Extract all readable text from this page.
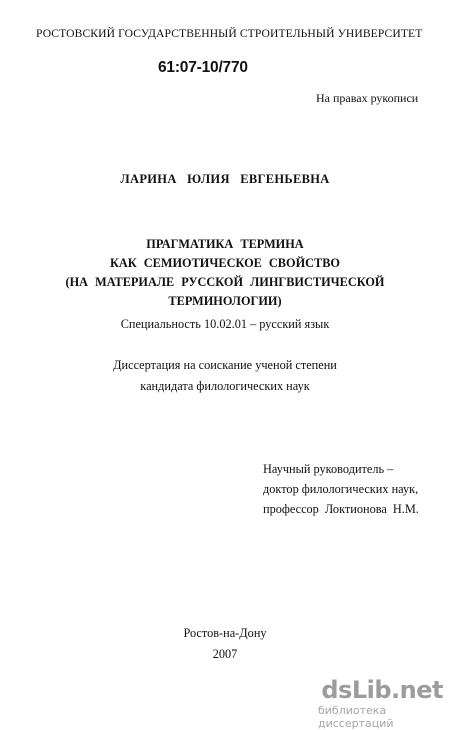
РОСТОВСКИЙ ГОСУДАРСТВЕННЫЙ СТРОИТЕЛЬНЫЙ УНИВЕРСИТЕТ
61:07-10/770
На правах рукописи
ЛАРИНА ЮЛИЯ ЕВГЕНЬЕВНА
ПРАГМАТИКА ТЕРМИНА
КАК СЕМИОТИЧЕСКОЕ СВОЙСТВО
(НА МАТЕРИАЛЕ РУССКОЙ ЛИНГВИСТИЧЕСКОЙ
ТЕРМИНОЛОГИИ)
Специальность 10.02.01 – русский язык
Диссертация на соискание ученой степени
кандидата филологических наук
Научный руководитель –
доктор филологических наук,
профессор Локтионова Н.М.
Ростов-на-Дону
2007
dsLib.net
библиотека диссертаций
